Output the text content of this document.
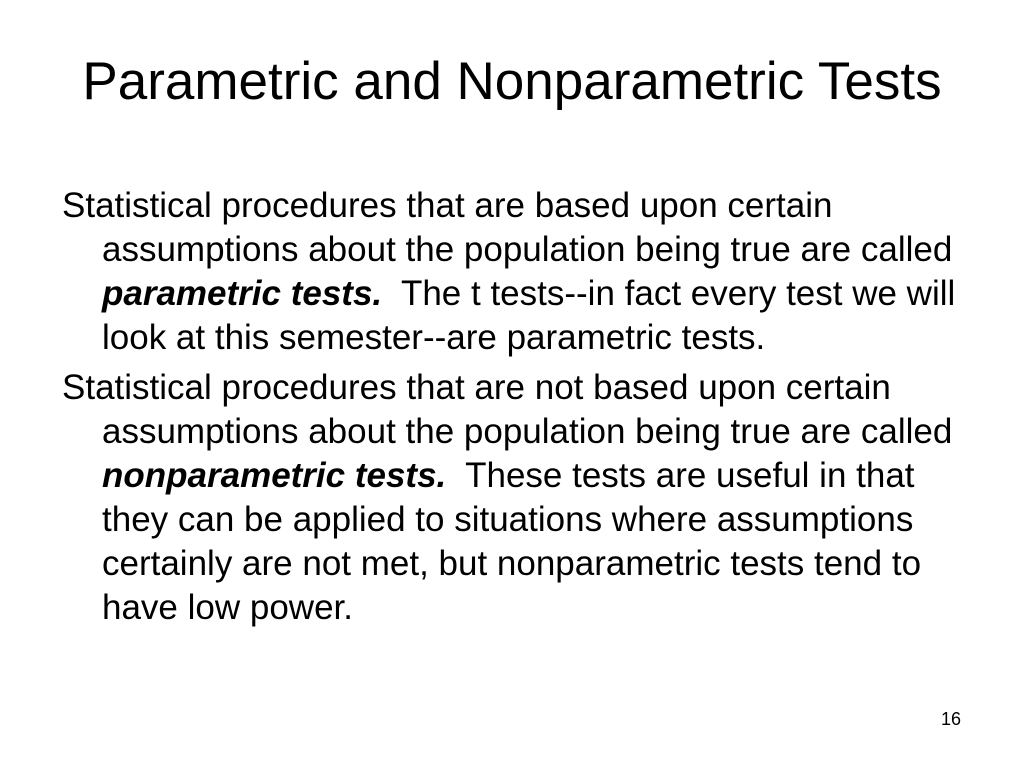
Parametric and Nonparametric Tests

Statistical procedures that are based upon certain assumptions about the population being true are called parametric tests.  The t tests--in fact every test we will look at this semester--are parametric tests.

Statistical procedures that are not based upon certain assumptions about the population being true are called nonparametric tests.  These tests are useful in that they can be applied to situations where assumptions certainly are not met, but nonparametric tests tend to have low power.

16
